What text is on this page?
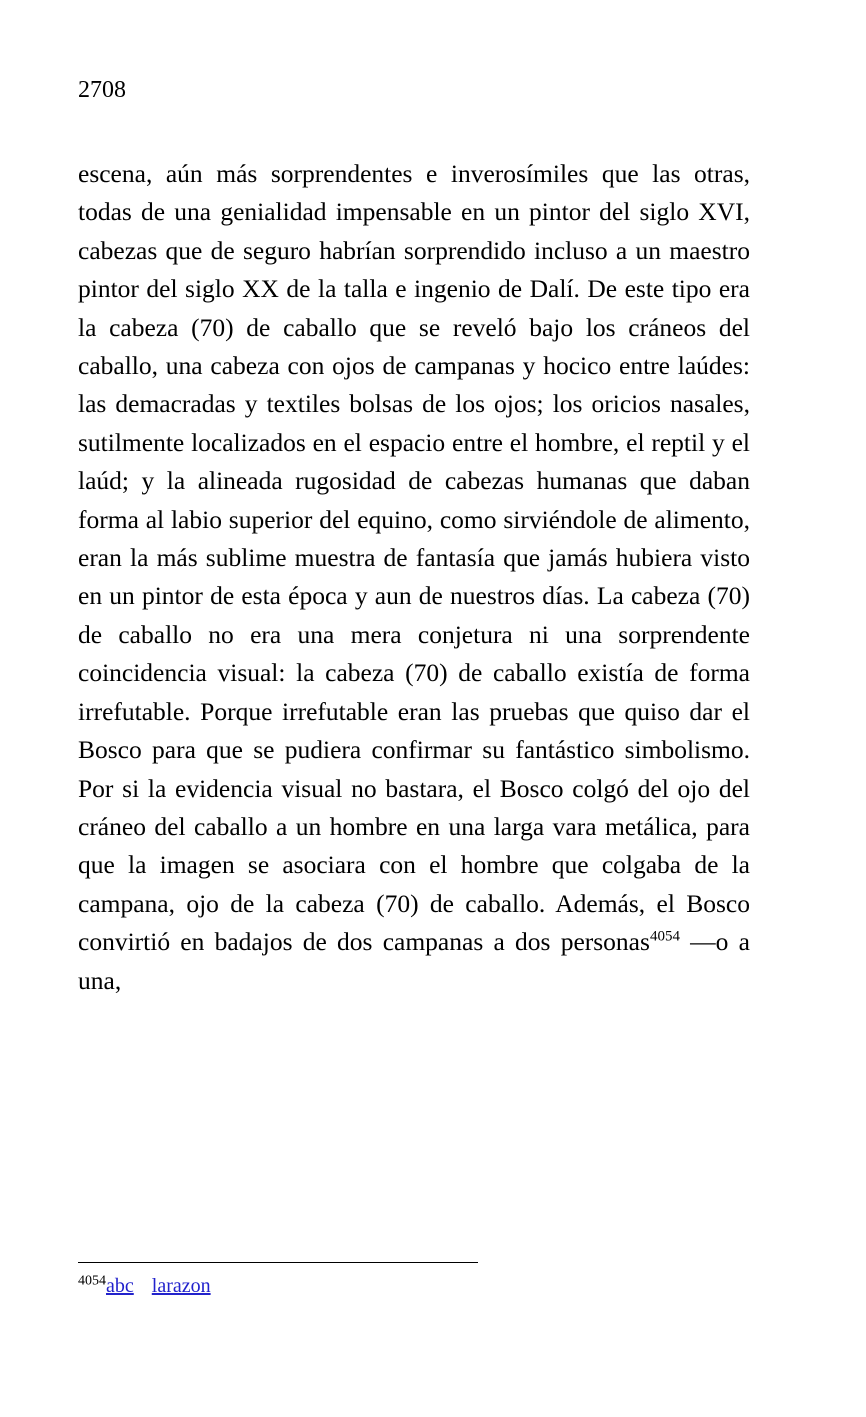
2708

escena, aún más sorprendentes e inverosímiles que las otras, todas de una genialidad impensable en un pintor del siglo XVI, cabezas que de seguro habrían sorprendido incluso a un maestro pintor del siglo XX de la talla e ingenio de Dalí. De este tipo era la cabeza (70) de caballo que se reveló bajo los cráneos del caballo, una cabeza con ojos de campanas y hocico entre laúdes: las demacradas y textiles bolsas de los ojos; los oricios nasales, sutilmente localizados en el espacio entre el hombre, el reptil y el laúd; y la alineada rugosidad de cabezas humanas que daban forma al labio superior del equino, como sirviéndole de alimento, eran la más sublime muestra de fantasía que jamás hubiera visto en un pintor de esta época y aun de nuestros días. La cabeza (70) de caballo no era una mera conjetura ni una sorprendente coincidencia visual: la cabeza (70) de caballo existía de forma irrefutable. Porque irrefutable eran las pruebas que quiso dar el Bosco para que se pudiera confirmar su fantástico simbolismo. Por si la evidencia visual no bastara, el Bosco colgó del ojo del cráneo del caballo a un hombre en una larga vara metálica, para que la imagen se asociara con el hombre que colgaba de la campana, ojo de la cabeza (70) de caballo. Además, el Bosco convirtió en badajos de dos campanas a dos personas$^{4054}$ —o a una,

$^{4054}$abc larazon
